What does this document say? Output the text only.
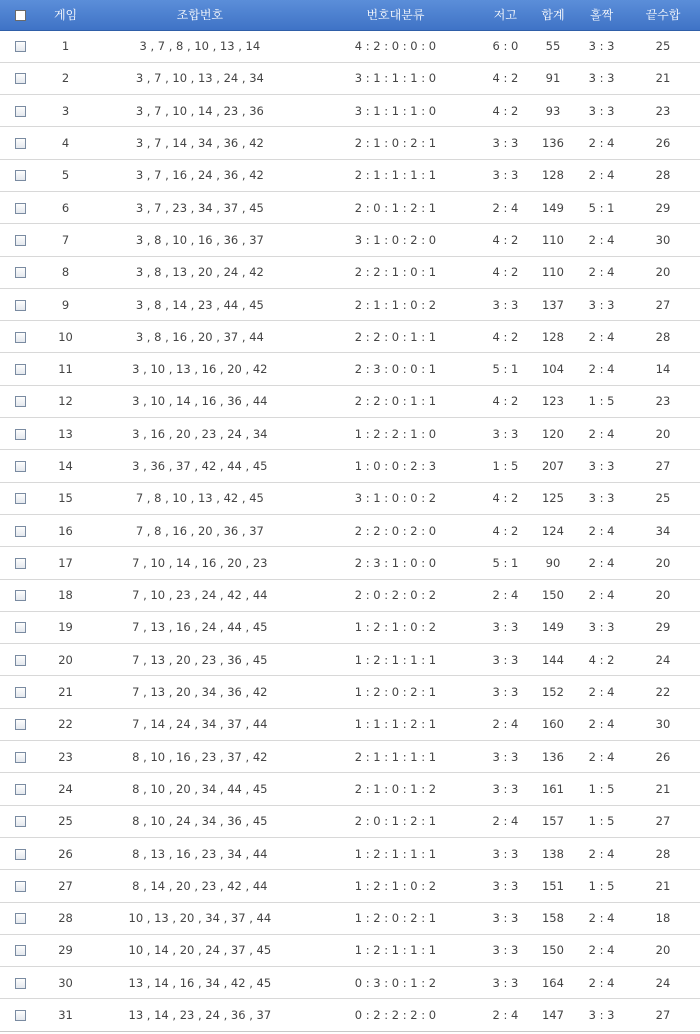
	게임	조합번호	번호대분류	저고	합계	홀짝	끝수합
	1	3 , 7 , 8 , 10 , 13 , 14	4 : 2 : 0 : 0 : 0	6 : 0	55	3 : 3	25
	2	3 , 7 , 10 , 13 , 24 , 34	3 : 1 : 1 : 1 : 0	4 : 2	91	3 : 3	21
	3	3 , 7 , 10 , 14 , 23 , 36	3 : 1 : 1 : 1 : 0	4 : 2	93	3 : 3	23
	4	3 , 7 , 14 , 34 , 36 , 42	2 : 1 : 0 : 2 : 1	3 : 3	136	2 : 4	26
	5	3 , 7 , 16 , 24 , 36 , 42	2 : 1 : 1 : 1 : 1	3 : 3	128	2 : 4	28
	6	3 , 7 , 23 , 34 , 37 , 45	2 : 0 : 1 : 2 : 1	2 : 4	149	5 : 1	29
	7	3 , 8 , 10 , 16 , 36 , 37	3 : 1 : 0 : 2 : 0	4 : 2	110	2 : 4	30
	8	3 , 8 , 13 , 20 , 24 , 42	2 : 2 : 1 : 0 : 1	4 : 2	110	2 : 4	20
	9	3 , 8 , 14 , 23 , 44 , 45	2 : 1 : 1 : 0 : 2	3 : 3	137	3 : 3	27
	10	3 , 8 , 16 , 20 , 37 , 44	2 : 2 : 0 : 1 : 1	4 : 2	128	2 : 4	28
	11	3 , 10 , 13 , 16 , 20 , 42	2 : 3 : 0 : 0 : 1	5 : 1	104	2 : 4	14
	12	3 , 10 , 14 , 16 , 36 , 44	2 : 2 : 0 : 1 : 1	4 : 2	123	1 : 5	23
	13	3 , 16 , 20 , 23 , 24 , 34	1 : 2 : 2 : 1 : 0	3 : 3	120	2 : 4	20
	14	3 , 36 , 37 , 42 , 44 , 45	1 : 0 : 0 : 2 : 3	1 : 5	207	3 : 3	27
	15	7 , 8 , 10 , 13 , 42 , 45	3 : 1 : 0 : 0 : 2	4 : 2	125	3 : 3	25
	16	7 , 8 , 16 , 20 , 36 , 37	2 : 2 : 0 : 2 : 0	4 : 2	124	2 : 4	34
	17	7 , 10 , 14 , 16 , 20 , 23	2 : 3 : 1 : 0 : 0	5 : 1	90	2 : 4	20
	18	7 , 10 , 23 , 24 , 42 , 44	2 : 0 : 2 : 0 : 2	2 : 4	150	2 : 4	20
	19	7 , 13 , 16 , 24 , 44 , 45	1 : 2 : 1 : 0 : 2	3 : 3	149	3 : 3	29
	20	7 , 13 , 20 , 23 , 36 , 45	1 : 2 : 1 : 1 : 1	3 : 3	144	4 : 2	24
	21	7 , 13 , 20 , 34 , 36 , 42	1 : 2 : 0 : 2 : 1	3 : 3	152	2 : 4	22
	22	7 , 14 , 24 , 34 , 37 , 44	1 : 1 : 1 : 2 : 1	2 : 4	160	2 : 4	30
	23	8 , 10 , 16 , 23 , 37 , 42	2 : 1 : 1 : 1 : 1	3 : 3	136	2 : 4	26
	24	8 , 10 , 20 , 34 , 44 , 45	2 : 1 : 0 : 1 : 2	3 : 3	161	1 : 5	21
	25	8 , 10 , 24 , 34 , 36 , 45	2 : 0 : 1 : 2 : 1	2 : 4	157	1 : 5	27
	26	8 , 13 , 16 , 23 , 34 , 44	1 : 2 : 1 : 1 : 1	3 : 3	138	2 : 4	28
	27	8 , 14 , 20 , 23 , 42 , 44	1 : 2 : 1 : 0 : 2	3 : 3	151	1 : 5	21
	28	10 , 13 , 20 , 34 , 37 , 44	1 : 2 : 0 : 2 : 1	3 : 3	158	2 : 4	18
	29	10 , 14 , 20 , 24 , 37 , 45	1 : 2 : 1 : 1 : 1	3 : 3	150	2 : 4	20
	30	13 , 14 , 16 , 34 , 42 , 45	0 : 3 : 0 : 1 : 2	3 : 3	164	2 : 4	24
	31	13 , 14 , 23 , 24 , 36 , 37	0 : 2 : 2 : 2 : 0	2 : 4	147	3 : 3	27
